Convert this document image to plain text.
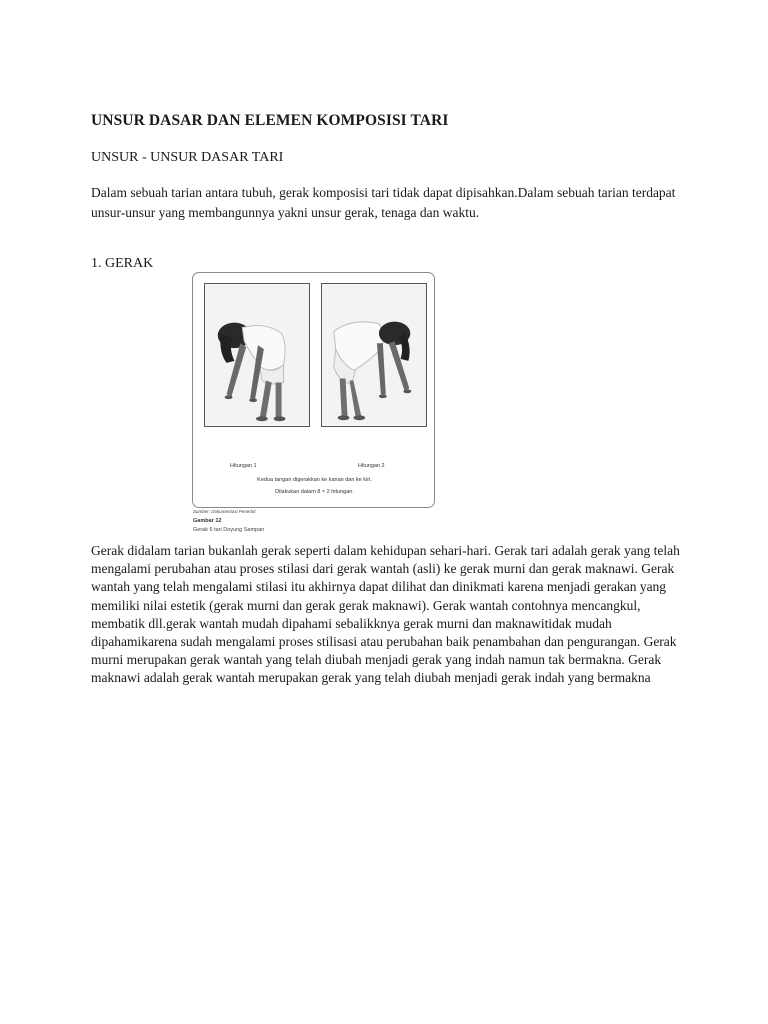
UNSUR DASAR DAN ELEMEN KOMPOSISI TARI

UNSUR - UNSUR DASAR TARI

Dalam sebuah tarian antara tubuh, gerak komposisi tari tidak dapat dipisahkan.Dalam sebuah tarian terdapat unsur-unsur yang membangunnya yakni unsur gerak, tenaga dan waktu.

1. GERAK

Hitungan 1	Hitungan 2
Kedua tangan digerakkan ke kanan dan ke kiri.
Dilakukan dalam 8 × 2 hitungan.
Sumber: Dokumentasi Penerbit
Gambar 12
Gerak 6 tari Doyung Sampan

Gerak didalam tarian bukanlah gerak seperti dalam kehidupan sehari-hari. Gerak tari adalah gerak yang telah mengalami perubahan atau proses stilasi dari gerak wantah (asli) ke gerak murni dan gerak maknawi. Gerak wantah yang telah mengalami stilasi itu akhirnya dapat dilihat dan dinikmati karena menjadi gerakan yang memiliki nilai estetik (gerak murni dan gerak gerak maknawi). Gerak wantah contohnya mencangkul, membatik dll.gerak wantah mudah dipahami sebalikknya gerak murni dan maknawitidak mudah dipahamikarena sudah mengalami proses stilisasi atau perubahan baik penambahan dan pengurangan. Gerak murni merupakan gerak wantah yang telah diubah menjadi gerak yang indah namun tak bermakna. Gerak maknawi adalah gerak wantah merupakan gerak yang telah diubah menjadi gerak indah yang bermakna
